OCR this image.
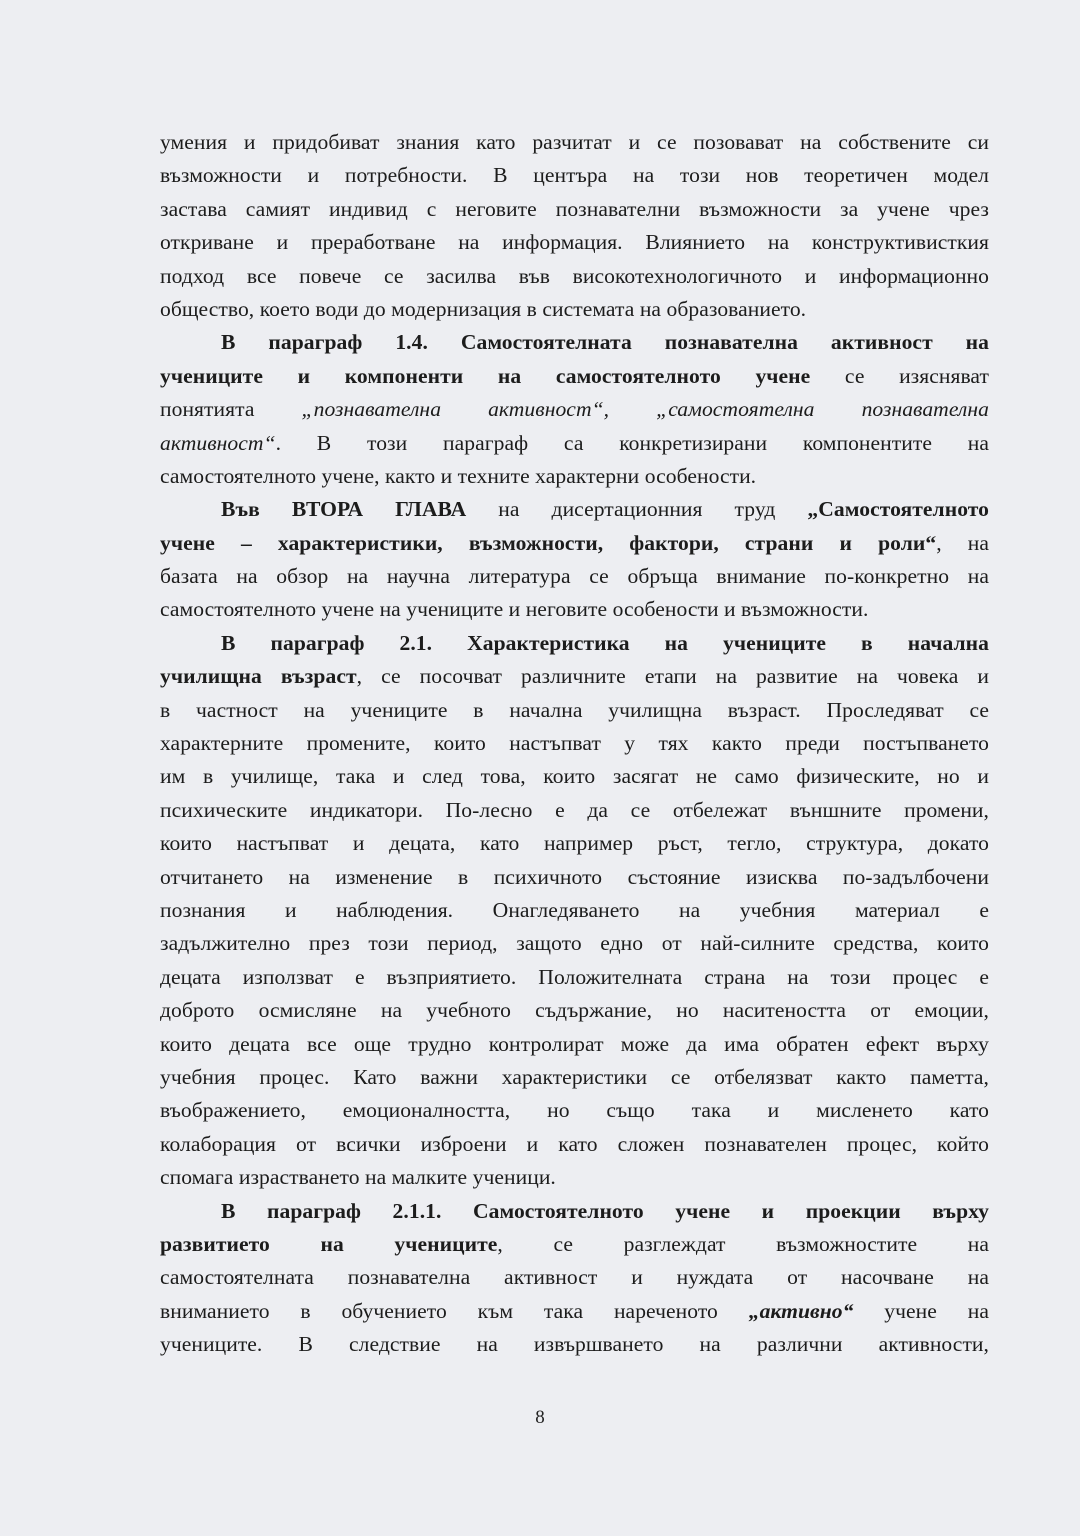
умения и придобиват знания като разчитат и се позовават на собствените си
възможности и потребности. В центъра на този нов теоретичен модел
застава самият индивид с неговите познавателни възможности за учене чрез
откриване и преработване на информация. Влиянието на конструктивисткия
подход все повече се засилва във високотехнологичното и информационно
общество, което води до модернизация в системата на образованието.
В параграф 1.4. Самостоятелната познавателна активност на
учениците и компоненти на самостоятелното учене се изясняват
понятията „познавателна активност“, „самостоятелна познавателна
активност“. В този параграф са конкретизирани компонентите на
самостоятелното учене, както и техните характерни особености.
Във ВТОРА ГЛАВА на дисертационния труд „Самостоятелното
учене – характеристики, възможности, фактори, страни и роли“, на
базата на обзор на научна литература се обръща внимание по-конкретно на
самостоятелното учене на учениците и неговите особености и възможности.
В параграф 2.1. Характеристика на учениците в начална
училищна възраст, се посочват различните етапи на развитие на човека и
в частност на учениците в начална училищна възраст. Проследяват се
характерните промените, които настъпват у тях както преди постъпването
им в училище, така и след това, които засягат не само физическите, но и
психическите индикатори. По-лесно е да се отбележат външните промени,
които настъпват и децата, като например ръст, тегло, структура, докато
отчитането на изменение в психичното състояние изисква по-задълбочени
познания и наблюдения. Онагледяването на учебния материал е
задължително през този период, защото едно от най-силните средства, които
децата използват е възприятието. Положителната страна на този процес е
доброто осмисляне на учебното съдържание, но наситеността от емоции,
които децата все още трудно контролират може да има обратен ефект върху
учебния процес. Като важни характеристики се отбелязват както паметта,
въображението, емоционалността, но също така и мисленето като
колаборация от всички изброени и като сложен познавателен процес, който
спомага израстването на малките ученици.
В параграф 2.1.1. Самостоятелното учене и проекции върху
развитието на учениците, се разглеждат възможностите на
самостоятелната познавателна активност и нуждата от насочване на
вниманието в обучението към така нареченото „активно“ учене на
учениците. В следствие на извършването на различни активности,
8
